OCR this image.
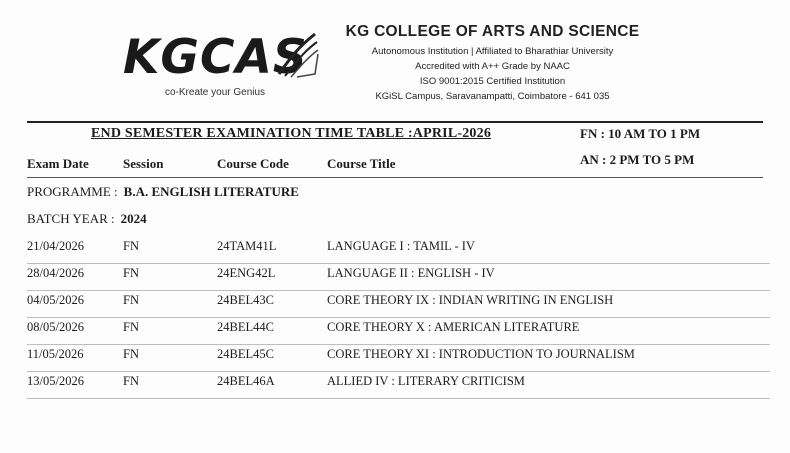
KGCAS
co-Kreate your Genius
KG COLLEGE OF ARTS AND SCIENCE
Autonomous Institution | Affiliated to Bharathiar University
Accredited with A++ Grade by NAAC
ISO 9001:2015 Certified Institution
KGiSL Campus, Saravanampatti, Coimbatore - 641 035
END SEMESTER EXAMINATION TIME TABLE :APRIL-2026	FN : 10 AM TO 1 PM
AN : 2 PM TO 5 PM
Exam Date	Session	Course Code	Course Title
PROGRAMME : B.A. ENGLISH LITERATURE
BATCH YEAR : 2024
21/04/2026	FN	24TAM41L	LANGUAGE I : TAMIL - IV
28/04/2026	FN	24ENG42L	LANGUAGE II : ENGLISH - IV
04/05/2026	FN	24BEL43C	CORE THEORY IX : INDIAN WRITING IN ENGLISH
08/05/2026	FN	24BEL44C	CORE THEORY X : AMERICAN LITERATURE
11/05/2026	FN	24BEL45C	CORE THEORY XI : INTRODUCTION TO JOURNALISM
13/05/2026	FN	24BEL46A	ALLIED IV : LITERARY CRITICISM
